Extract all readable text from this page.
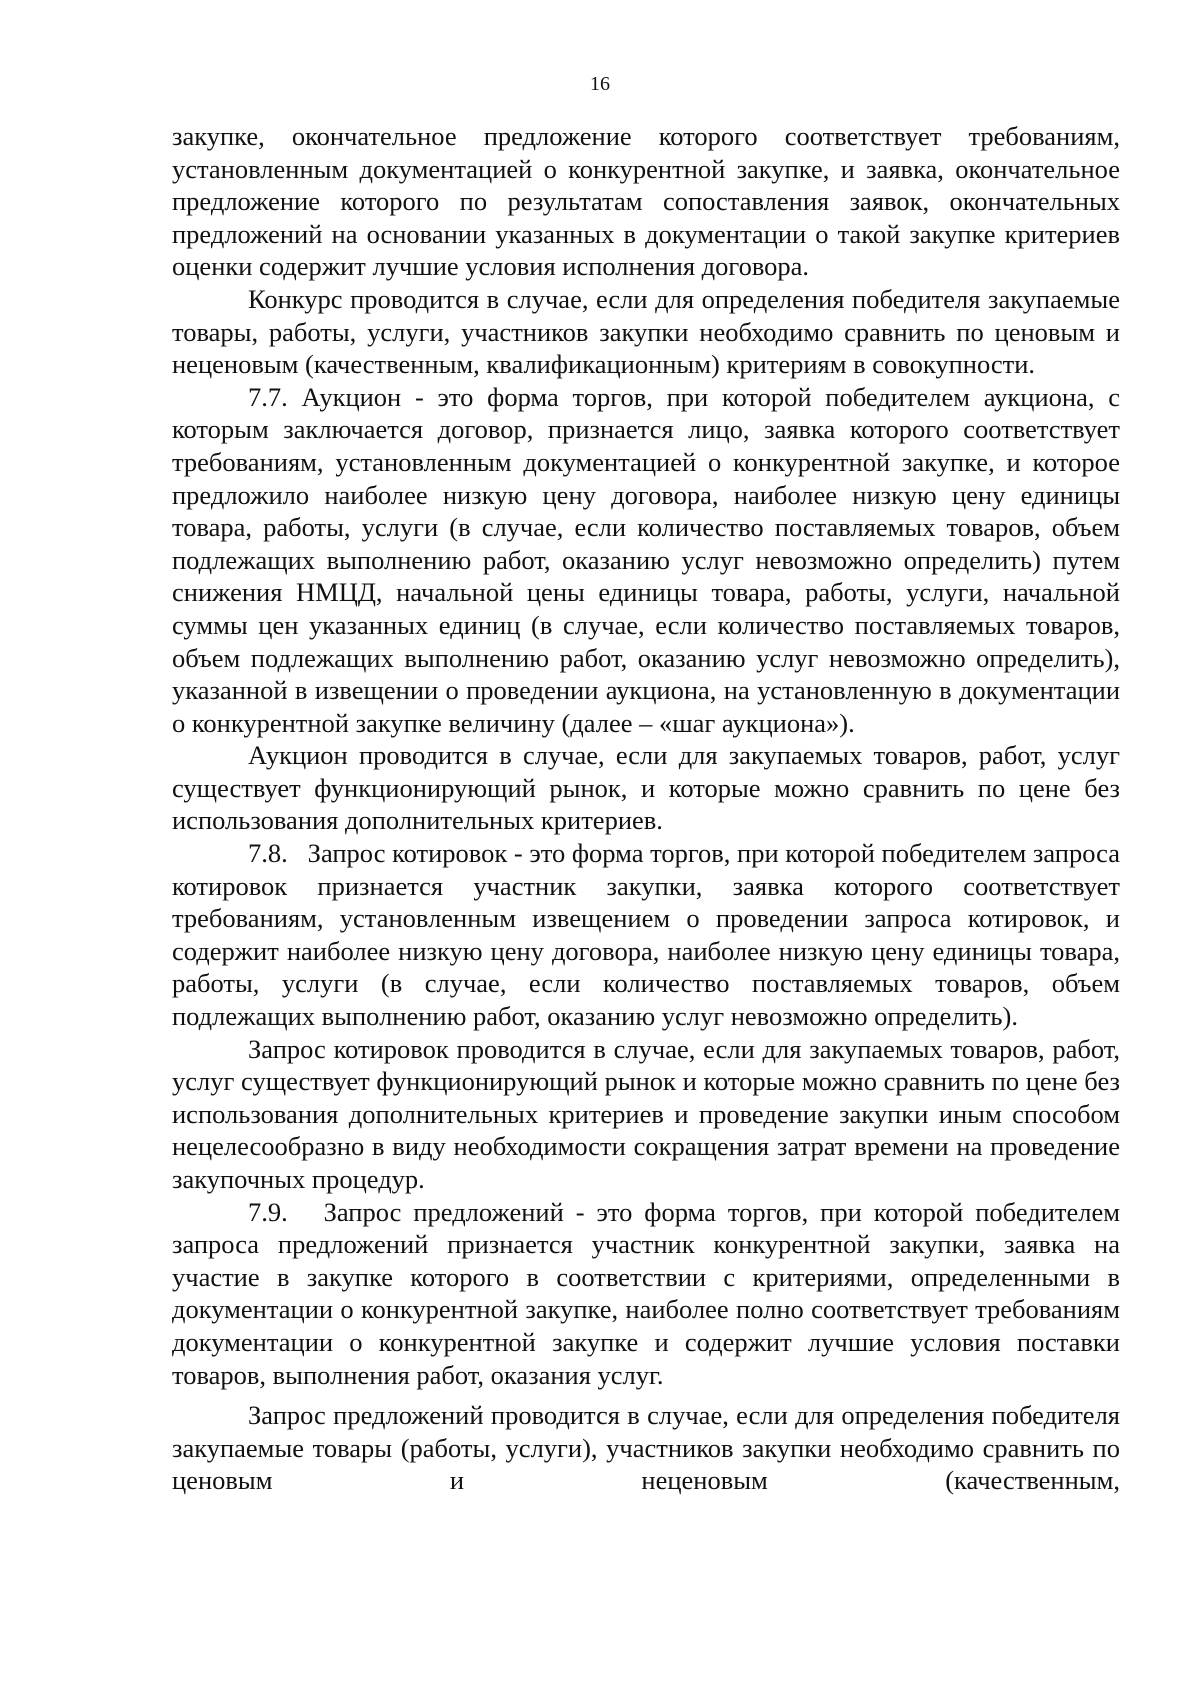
16

закупке, окончательное предложение которого соответствует требованиям, установленным документацией о конкурентной закупке, и заявка, окончательное предложение которого по результатам сопоставления заявок, окончательных предложений на основании указанных в документации о такой закупке критериев оценки содержит лучшие условия исполнения договора.

Конкурс проводится в случае, если для определения победителя закупаемые товары, работы, услуги, участников закупки необходимо сравнить по ценовым и неценовым (качественным, квалификационным) критериям в совокупности.

7.7. Аукцион - это форма торгов, при которой победителем аукциона, с которым заключается договор, признается лицо, заявка которого соответствует требованиям, установленным документацией о конкурентной закупке, и которое предложило наиболее низкую цену договора, наиболее низкую цену единицы товара, работы, услуги (в случае, если количество поставляемых товаров, объем подлежащих выполнению работ, оказанию услуг невозможно определить) путем снижения НМЦД, начальной цены единицы товара, работы, услуги, начальной суммы цен указанных единиц (в случае, если количество поставляемых товаров, объем подлежащих выполнению работ, оказанию услуг невозможно определить), указанной в извещении о проведении аукциона, на установленную в документации о конкурентной закупке величину (далее – «шаг аукциона»).

Аукцион проводится в случае, если для закупаемых товаров, работ, услуг существует функционирующий рынок, и которые можно сравнить по цене без использования дополнительных критериев.

7.8.   Запрос котировок - это форма торгов, при которой победителем запроса котировок признается участник закупки, заявка которого соответствует требованиям, установленным извещением о проведении запроса котировок, и содержит наиболее низкую цену договора, наиболее низкую цену единицы товара, работы, услуги (в случае, если количество поставляемых товаров, объем подлежащих выполнению работ, оказанию услуг невозможно определить).

Запрос котировок проводится в случае, если для закупаемых товаров, работ, услуг существует функционирующий рынок и которые можно сравнить по цене без использования дополнительных критериев и проведение закупки иным способом нецелесообразно в виду необходимости сокращения затрат времени на проведение закупочных процедур.

7.9.   Запрос предложений - это форма торгов, при которой победителем запроса предложений признается участник конкурентной закупки, заявка на участие в закупке которого в соответствии с критериями, определенными в документации о конкурентной закупке, наиболее полно соответствует требованиям документации о конкурентной закупке и содержит лучшие условия поставки товаров, выполнения работ, оказания услуг.

Запрос предложений проводится в случае, если для определения победителя закупаемые товары (работы, услуги), участников закупки необходимо сравнить по ценовым и неценовым (качественным,
